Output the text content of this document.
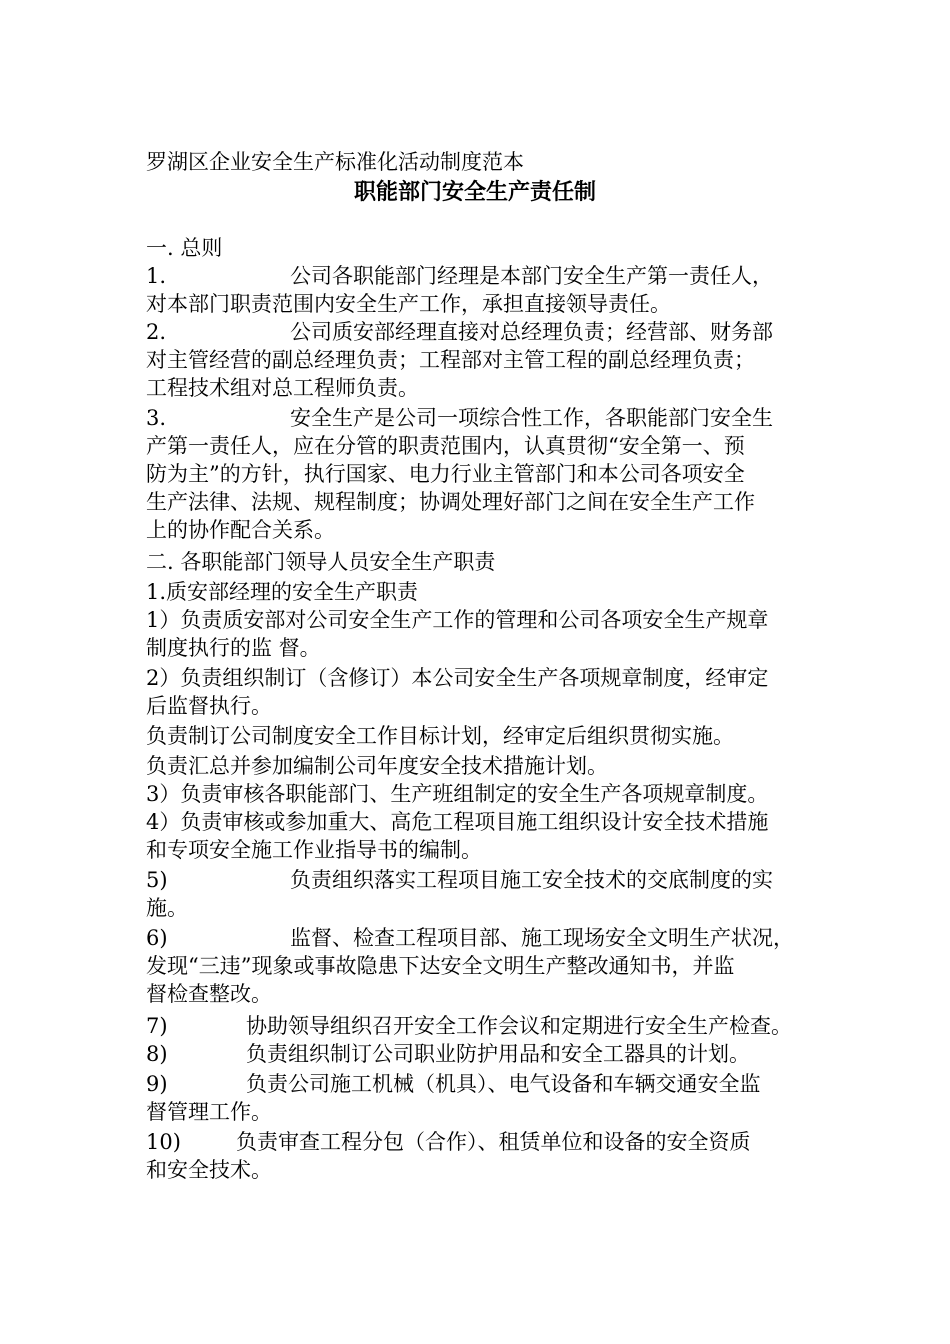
罗湖区企业安全生产标准化活动制度范本
职能部门安全生产责任制
一. 总则
1.	公司各职能部门经理是本部门安全生产第一责任人，
对本部门职责范围内安全生产工作，承担直接领导责任。
2.	公司质安部经理直接对总经理负责；经营部、财务部
对主管经营的副总经理负责；工程部对主管工程的副总经理负责；
工程技术组对总工程师负责。
3.	安全生产是公司一项综合性工作，各职能部门安全生
产第一责任人，应在分管的职责范围内，认真贯彻“安全第一、预
防为主”的方针，执行国家、电力行业主管部门和本公司各项安全
生产法律、法规、规程制度；协调处理好部门之间在安全生产工作
上的协作配合关系。
二. 各职能部门领导人员安全生产职责
1.质安部经理的安全生产职责
1）负责质安部对公司安全生产工作的管理和公司各项安全生产规章
制度执行的监 督。
2）负责组织制订（含修订）本公司安全生产各项规章制度，经审定
后监督执行。
负责制订公司制度安全工作目标计划，经审定后组织贯彻实施。
负责汇总并参加编制公司年度安全技术措施计划。
3）负责审核各职能部门、生产班组制定的安全生产各项规章制度。
4）负责审核或参加重大、高危工程项目施工组织设计安全技术措施
和专项安全施工作业指导书的编制。
5)	负责组织落实工程项目施工安全技术的交底制度的实
施。
6)	监督、检查工程项目部、施工现场安全文明生产状况，
发现“三违”现象或事故隐患下达安全文明生产整改通知书，并监
督检查整改。
7)	协助领导组织召开安全工作会议和定期进行安全生产检查。
8)	负责组织制订公司职业防护用品和安全工器具的计划。
9)	负责公司施工机械（机具）、电气设备和车辆交通安全监
督管理工作。
10)	负责审查工程分包（合作）、租赁单位和设备的安全资质
和安全技术。
